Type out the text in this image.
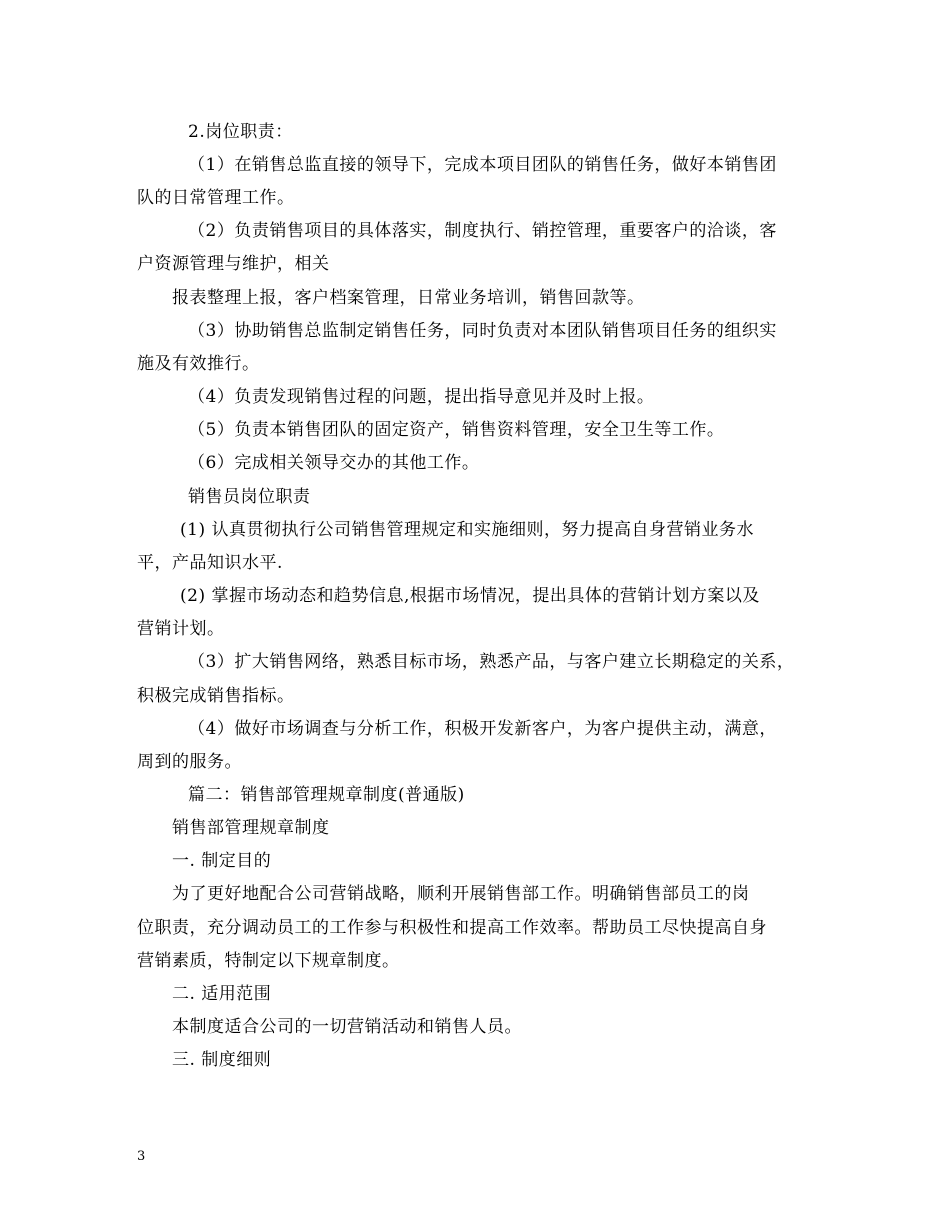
2.岗位职责：
（1）在销售总监直接的领导下，完成本项目团队的销售任务，做好本销售团
队的日常管理工作。
（2）负责销售项目的具体落实，制度执行、销控管理，重要客户的洽谈，客
户资源管理与维护，相关
报表整理上报，客户档案管理，日常业务培训，销售回款等。
（3）协助销售总监制定销售任务，同时负责对本团队销售项目任务的组织实
施及有效推行。
（4）负责发现销售过程的问题，提出指导意见并及时上报。
（5）负责本销售团队的固定资产，销售资料管理，安全卫生等工作。
（6）完成相关领导交办的其他工作。
销售员岗位职责
(1) 认真贯彻执行公司销售管理规定和实施细则，努力提高自身营销业务水
平，产品知识水平.
(2) 掌握市场动态和趋势信息,根据市场情况，提出具体的营销计划方案以及
营销计划。
（3）扩大销售网络，熟悉目标市场，熟悉产品，与客户建立长期稳定的关系，
积极完成销售指标。
（4）做好市场调查与分析工作，积极开发新客户，为客户提供主动，满意，
周到的服务。
篇二：销售部管理规章制度(普通版)
销售部管理规章制度
一. 制定目的
为了更好地配合公司营销战略，顺利开展销售部工作。明确销售部员工的岗
位职责，充分调动员工的工作参与积极性和提高工作效率。帮助员工尽快提高自身
营销素质，特制定以下规章制度。
二. 适用范围
本制度适合公司的一切营销活动和销售人员。
三. 制度细则
3
